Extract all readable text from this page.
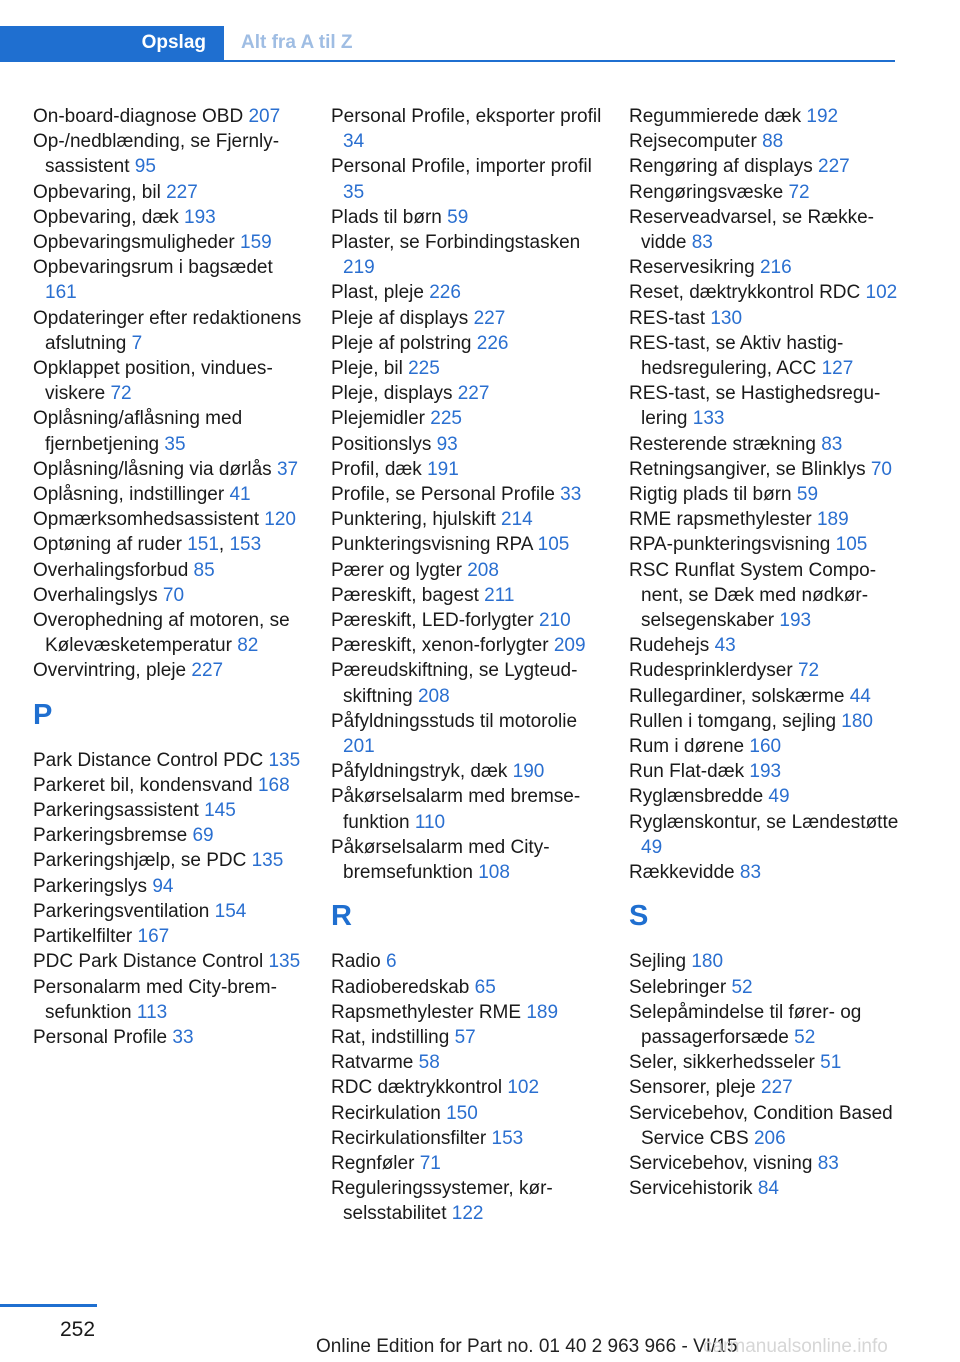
Opslag	Alt fra A til Z
On-board-diagnose OBD 207
Op-/nedblænding, se Fjernlysassistent 95
Opbevaring, bil 227
Opbevaring, dæk 193
Opbevaringsmuligheder 159
Opbevaringsrum i bagsædet 161
Opdateringer efter redaktionens afslutning 7
Opklappet position, vinduesviskere 72
Oplåsning/aflåsning med fjernbetjening 35
Oplåsning/låsning via dørlås 37
Oplåsning, indstillinger 41
Opmærksomhedsassistent 120
Optøning af ruder 151, 153
Overhalingsforbud 85
Overhalingslys 70
Overophedning af motoren, se Kølevæsketemperatur 82
Overvintring, pleje 227
P
Park Distance Control PDC 135
Parkeret bil, kondensvand 168
Parkeringsassistent 145
Parkeringsbremse 69
Parkeringshjælp, se PDC 135
Parkeringslys 94
Parkeringsventilation 154
Partikelfilter 167
PDC Park Distance Control 135
Personalarm med City-bremsefunktion 113
Personal Profile 33
Personal Profile, eksporter profil 34
Personal Profile, importer profil 35
Plads til børn 59
Plaster, se Forbindingstasken 219
Plast, pleje 226
Pleje af displays 227
Pleje af polstring 226
Pleje, bil 225
Pleje, displays 227
Plejemidler 225
Positionslys 93
Profil, dæk 191
Profile, se Personal Profile 33
Punktering, hjulskift 214
Punkteringsvisning RPA 105
Pærer og lygter 208
Pæreskift, bagest 211
Pæreskift, LED-forlygter 210
Pæreskift, xenon-forlygter 209
Pæreudskiftning, se Lygteudskiftning 208
Påfyldningsstuds til motorolie 201
Påfyldningstryk, dæk 190
Påkørselsalarm med bremsefunktion 110
Påkørselsalarm med City-bremsefunktion 108
R
Radio 6
Radioberedskab 65
Rapsmethylester RME 189
Rat, indstilling 57
Ratvarme 58
RDC dæktrykkontrol 102
Recirkulation 150
Recirkulationsfilter 153
Regnføler 71
Reguleringssystemer, kørselsstabilitet 122
Regummierede dæk 192
Rejsecomputer 88
Rengøring af displays 227
Rengøringsvæske 72
Reserveadvarsel, se Rækkevidde 83
Reservesikring 216
Reset, dæktrykkontrol RDC 102
RES-tast 130
RES-tast, se Aktiv hastighedsregulering, ACC 127
RES-tast, se Hastighedsregulering 133
Resterende strækning 83
Retningsangiver, se Blinklys 70
Rigtig plads til børn 59
RME rapsmethylester 189
RPA-punkteringsvisning 105
RSC Runflat System Component, se Dæk med nødkørselsegenskaber 193
Rudehejs 43
Rudesprinklerdyser 72
Rullegardiner, solskærme 44
Rullen i tomgang, sejling 180
Rum i dørene 160
Run Flat-dæk 193
Ryglænsbredde 49
Ryglænskontur, se Lændestøtte 49
Rækkevidde 83
S
Sejling 180
Selebringer 52
Selepåmindelse til fører- og passagerforsæde 52
Seler, sikkerhedsseler 51
Sensorer, pleje 227
Servicebehov, Condition Based Service CBS 206
Servicebehov, visning 83
Servicehistorik 84
252
Online Edition for Part no. 01 40 2 963 966 - VI/15
carmanualsonline.info
